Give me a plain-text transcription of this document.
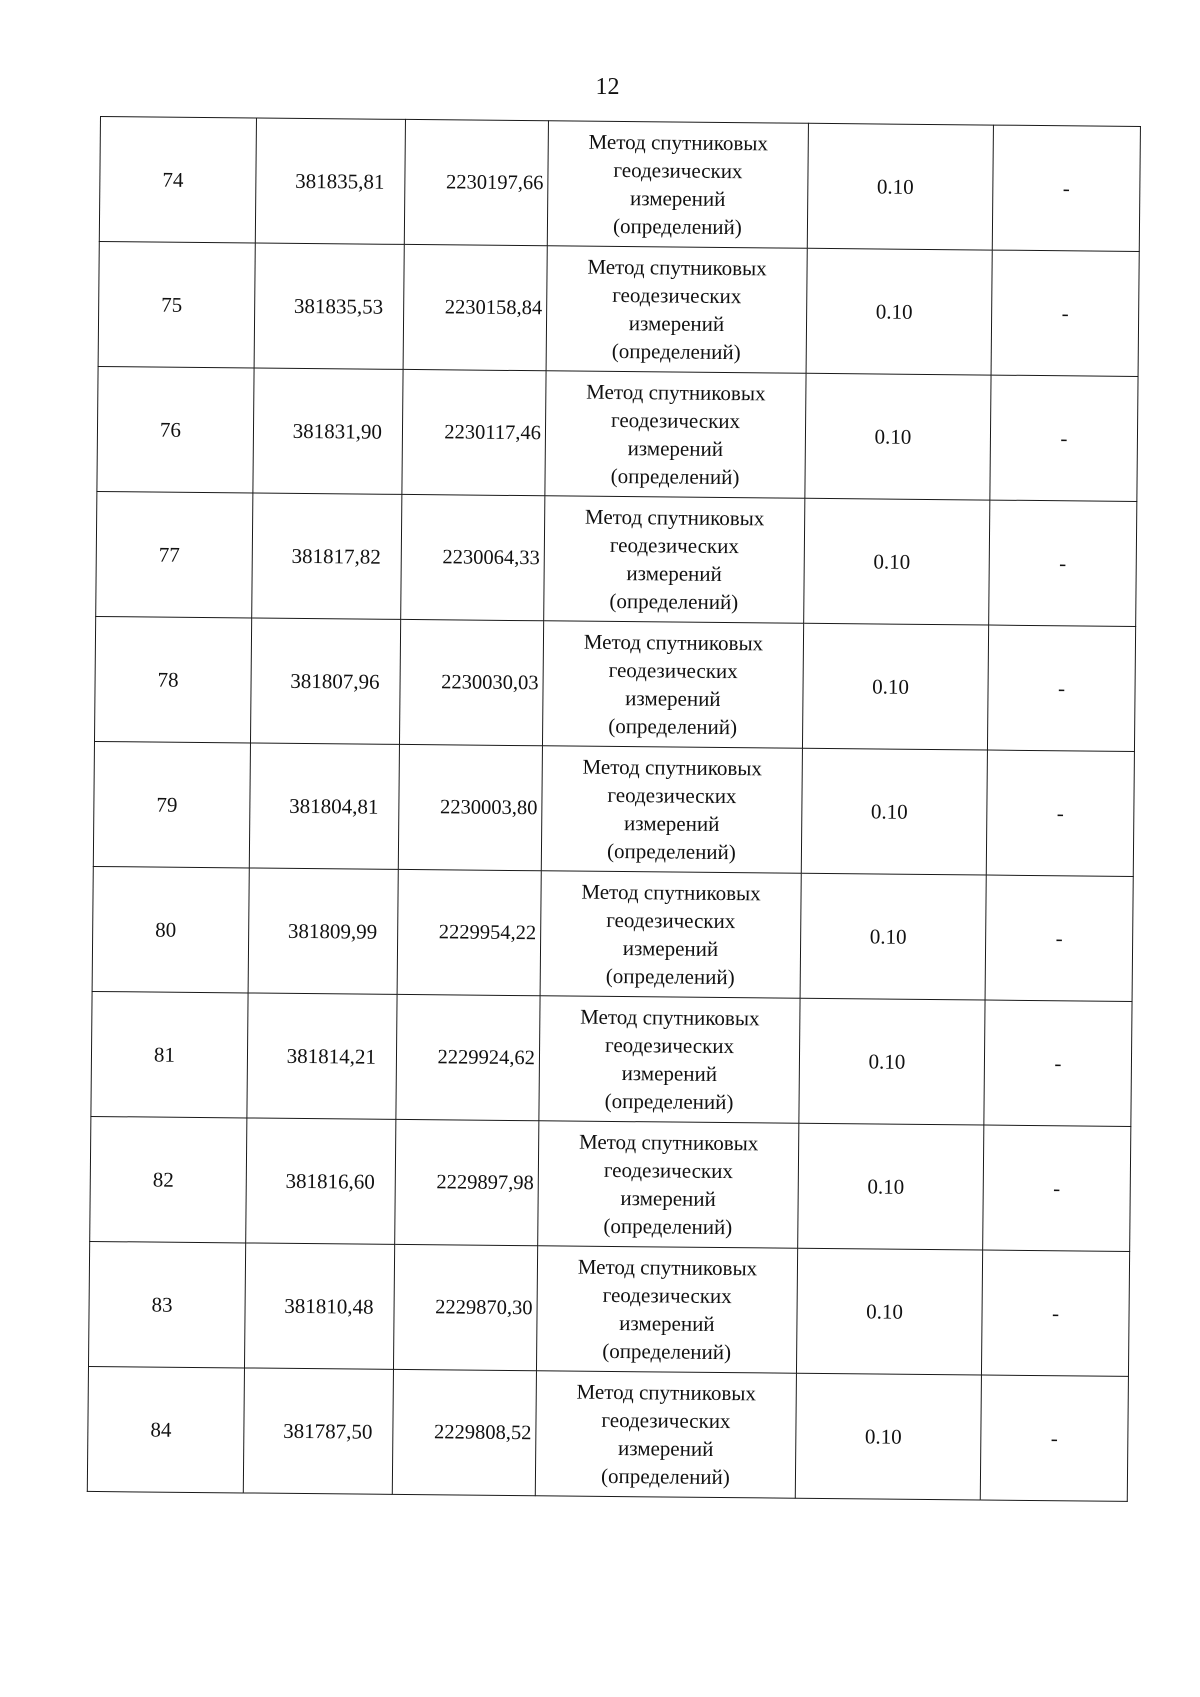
12
74	381835,81	2230197,66	Метод спутниковых
геодезических
измерений
(определений)	0.10	-
75	381835,53	2230158,84	Метод спутниковых
геодезических
измерений
(определений)	0.10	-
76	381831,90	2230117,46	Метод спутниковых
геодезических
измерений
(определений)	0.10	-
77	381817,82	2230064,33	Метод спутниковых
геодезических
измерений
(определений)	0.10	-
78	381807,96	2230030,03	Метод спутниковых
геодезических
измерений
(определений)	0.10	-
79	381804,81	2230003,80	Метод спутниковых
геодезических
измерений
(определений)	0.10	-
80	381809,99	2229954,22	Метод спутниковых
геодезических
измерений
(определений)	0.10	-
81	381814,21	2229924,62	Метод спутниковых
геодезических
измерений
(определений)	0.10	-
82	381816,60	2229897,98	Метод спутниковых
геодезических
измерений
(определений)	0.10	-
83	381810,48	2229870,30	Метод спутниковых
геодезических
измерений
(определений)	0.10	-
84	381787,50	2229808,52	Метод спутниковых
геодезических
измерений
(определений)	0.10	-
